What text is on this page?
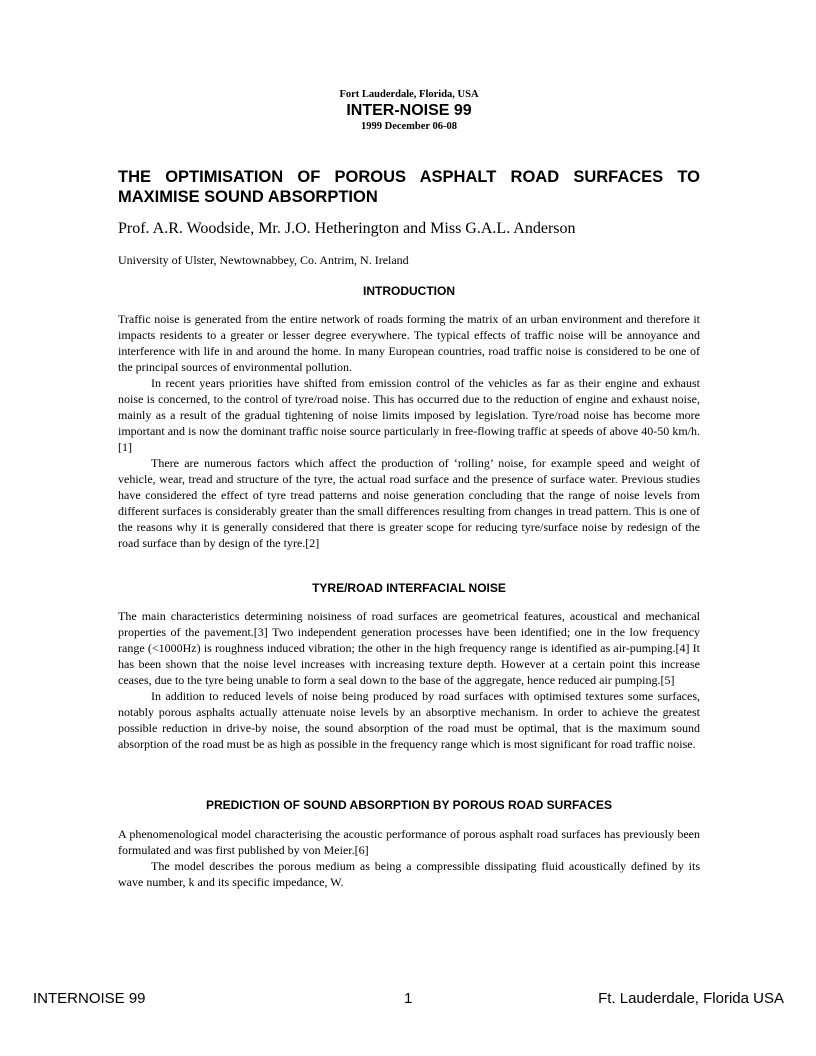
Fort Lauderdale, Florida, USA
INTER-NOISE 99
1999 December 06-08
THE OPTIMISATION OF POROUS ASPHALT ROAD SURFACES TO MAXIMISE SOUND ABSORPTION
Prof. A.R. Woodside, Mr. J.O. Hetherington and Miss G.A.L. Anderson
University of Ulster, Newtownabbey, Co. Antrim, N. Ireland
INTRODUCTION

Traffic noise is generated from the entire network of roads forming the matrix of an urban environment and therefore it impacts residents to a greater or lesser degree everywhere. The typical effects of traffic noise will be annoyance and interference with life in and around the home. In many European countries, road traffic noise is considered to be one of the principal sources of environmental pollution.

In recent years priorities have shifted from emission control of the vehicles as far as their engine and exhaust noise is concerned, to the control of tyre/road noise. This has occurred due to the reduction of engine and exhaust noise, mainly as a result of the gradual tightening of noise limits imposed by legislation. Tyre/road noise has become more important and is now the dominant traffic noise source particularly in free-flowing traffic at speeds of above 40-50 km/h.[1]

There are numerous factors which affect the production of ‘rolling’ noise, for example speed and weight of vehicle, wear, tread and structure of the tyre, the actual road surface and the presence of surface water. Previous studies have considered the effect of tyre tread patterns and noise generation concluding that the range of noise levels from different surfaces is considerably greater than the small differences resulting from changes in tread pattern. This is one of the reasons why it is generally considered that there is greater scope for reducing tyre/surface noise by redesign of the road surface than by design of the tyre.[2]

TYRE/ROAD INTERFACIAL NOISE

The main characteristics determining noisiness of road surfaces are geometrical features, acoustical and mechanical properties of the pavement.[3] Two independent generation processes have been identified; one in the low frequency range (<1000Hz) is roughness induced vibration; the other in the high frequency range is identified as air-pumping.[4] It has been shown that the noise level increases with increasing texture depth. However at a certain point this increase ceases, due to the tyre being unable to form a seal down to the base of the aggregate, hence reduced air pumping.[5]

In addition to reduced levels of noise being produced by road surfaces with optimised textures some surfaces, notably porous asphalts actually attenuate noise levels by an absorptive mechanism. In order to achieve the greatest possible reduction in drive-by noise, the sound absorption of the road must be optimal, that is the maximum sound absorption of the road must be as high as possible in the frequency range which is most significant for road traffic noise.

PREDICTION OF SOUND ABSORPTION BY POROUS ROAD SURFACES

A phenomenological model characterising the acoustic performance of porous asphalt road surfaces has previously been formulated and was first published by von Meier.[6]

The model describes the porous medium as being a compressible dissipating fluid acoustically defined by its wave number, k and its specific impedance, W.

INTERNOISE 99	1	Ft. Lauderdale, Florida USA
